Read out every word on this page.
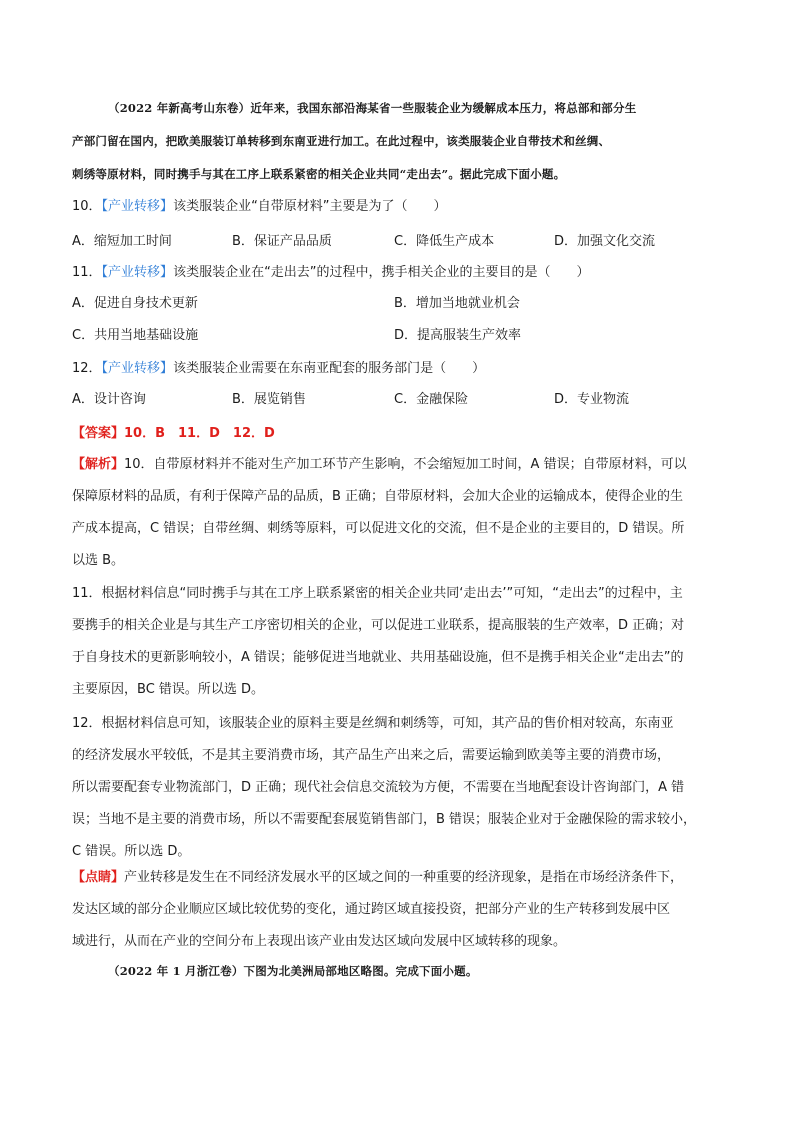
（2022 年新高考山东卷）近年来，我国东部沿海某省一些服装企业为缓解成本压力，将总部和部分生
产部门留在国内，把欧美服装订单转移到东南亚进行加工。在此过程中，该类服装企业自带技术和丝绸、
刺绣等原材料，同时携手与其在工序上联系紧密的相关企业共同“走出去”。据此完成下面小题。
10．【产业转移】该类服装企业“自带原材料”主要是为了（　　）
A．缩短加工时间	B．保证产品品质	C．降低生产成本	D．加强文化交流
11．【产业转移】该类服装企业在“走出去”的过程中，携手相关企业的主要目的是（　　）
A．促进自身技术更新	B．增加当地就业机会
C．共用当地基础设施	D．提高服装生产效率
12．【产业转移】该类服装企业需要在东南亚配套的服务部门是（　　）
A．设计咨询	B．展览销售	C．金融保险	D．专业物流
【答案】10．B　11．D　12．D
【解析】10．自带原材料并不能对生产加工环节产生影响，不会缩短加工时间，A 错误；自带原材料，可以
保障原材料的品质，有利于保障产品的品质，B 正确；自带原材料，会加大企业的运输成本，使得企业的生
产成本提高，C 错误；自带丝绸、刺绣等原料，可以促进文化的交流，但不是企业的主要目的，D 错误。所
以选 B。
11．根据材料信息“同时携手与其在工序上联系紧密的相关企业共同‘走出去’”可知，“走出去”的过程中，主
要携手的相关企业是与其生产工序密切相关的企业，可以促进工业联系，提高服装的生产效率，D 正确；对
于自身技术的更新影响较小，A 错误；能够促进当地就业、共用基础设施，但不是携手相关企业“走出去”的
主要原因，BC 错误。所以选 D。
12．根据材料信息可知，该服装企业的原料主要是丝绸和刺绣等，可知，其产品的售价相对较高，东南亚
的经济发展水平较低，不是其主要消费市场，其产品生产出来之后，需要运输到欧美等主要的消费市场，
所以需要配套专业物流部门，D 正确；现代社会信息交流较为方便，不需要在当地配套设计咨询部门，A 错
误；当地不是主要的消费市场，所以不需要配套展览销售部门，B 错误；服装企业对于金融保险的需求较小，
C 错误。所以选 D。
【点睛】产业转移是发生在不同经济发展水平的区域之间的一种重要的经济现象，是指在市场经济条件下，
发达区域的部分企业顺应区域比较优势的变化，通过跨区域直接投资，把部分产业的生产转移到发展中区
域进行，从而在产业的空间分布上表现出该产业由发达区域向发展中区域转移的现象。
（2022 年 1 月浙江卷）下图为北美洲局部地区略图。完成下面小题。
